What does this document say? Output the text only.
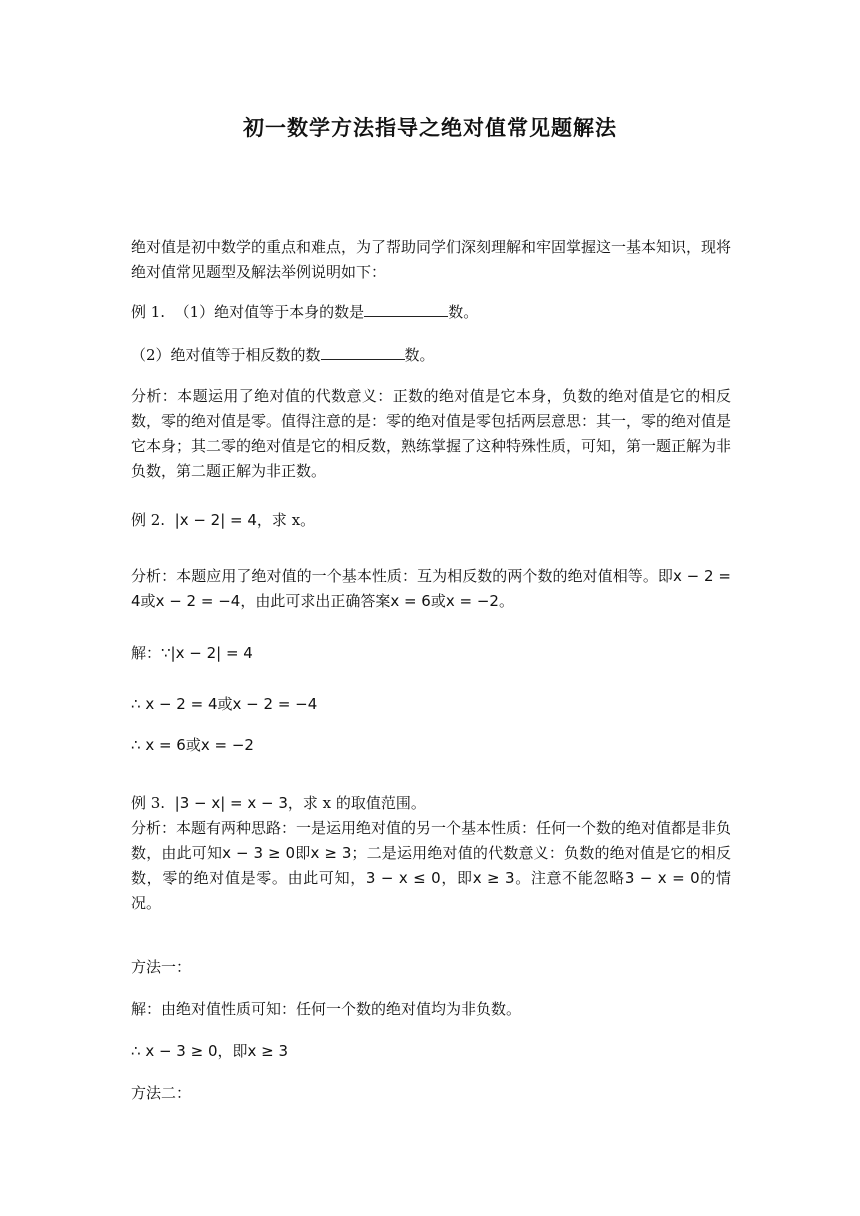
初一数学方法指导之绝对值常见题解法
绝对值是初中数学的重点和难点，为了帮助同学们深刻理解和牢固掌握这一基本知识，现将绝对值常见题型及解法举例说明如下：
例 1. （1）绝对值等于本身的数是	数。
（2）绝对值等于相反数的数	数。
分析：本题运用了绝对值的代数意义：正数的绝对值是它本身，负数的绝对值是它的相反数，零的绝对值是零。值得注意的是：零的绝对值是零包括两层意思：其一，零的绝对值是它本身；其二零的绝对值是它的相反数，熟练掌握了这种特殊性质，可知，第一题正解为非负数，第二题正解为非正数。
例 2. |x − 2| = 4，求 x。
分析：本题应用了绝对值的一个基本性质：互为相反数的两个数的绝对值相等。即x − 2 = 4或x − 2 = −4，由此可求出正确答案x = 6或x = −2。
解：∵|x − 2| = 4
∴ x − 2 = 4或x − 2 = −4
∴ x = 6或x = −2
例 3. |3 − x| = x − 3，求 x 的取值范围。
分析：本题有两种思路：一是运用绝对值的另一个基本性质：任何一个数的绝对值都是非负数，由此可知x − 3 ≥ 0即x ≥ 3；二是运用绝对值的代数意义：负数的绝对值是它的相反数，零的绝对值是零。由此可知，3 − x ≤ 0，即x ≥ 3。注意不能忽略3 − x = 0的情况。
方法一：
解：由绝对值性质可知：任何一个数的绝对值均为非负数。
∴ x − 3 ≥ 0，即x ≥ 3
方法二：
